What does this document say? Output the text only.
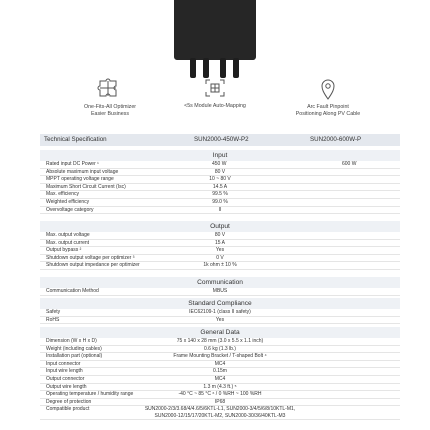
One-Fits-All Optimizer
Easier Business
<5s Module Auto-Mapping	Arc Fault Pinpoint
Positioning Along PV Cable
Technical Specification	SUN2000-450W-P2	SUN2000-600W-P
Input
Rated input DC Power ¹	450 W	600 W
Absolute maximum input voltage	80 V
MPPT operating voltage range	10 ~ 80 V
Maximum Short Circuit Current (Isc)	14.5 A
Max. efficiency	99.5 %
Weighted efficiency	99.0 %
Overvoltage category	II
Output
Max. output voltage	80 V
Max. output current	15 A
Output bypass ²	Yes
Shutdown output voltage per optimizer ³	0 V
Shutdown output impedance per optimizer	1k ohm ± 10 %
Communication
Communication Method	MBUS
Standard Compliance
Safety	IEC62109-1 (class II safety)
RoHS	Yes
General Data
Dimension (W x H x D)	75 x 140 x 28 mm (3.0 x 5.5 x 1.1 inch)
Weight (including cables)	0.6 kg (1.3 lb.)
Installation part (optional)	Frame Mounting Bracket / T-shaped Bolt ⁴
Input connector	MC4
Input wire length	0.15m
Output connector	MC4
Output wire length	1.3 m (4.3 ft.) ⁵
Operating temperature / humidity range	-40 °C ~ 85 °C ⁶ / 0 %RH ~ 100 %RH
Degree of protection	IP68
Compatible product	SUN2000-2/3/3.68/4/4.6/5/6KTL-L1, SUN2000-3/4/5/6/8/10KTL-M1,
SUN2000-12/15/17/20KTL-M2, SUN2000-30/36/40KTL-M3
